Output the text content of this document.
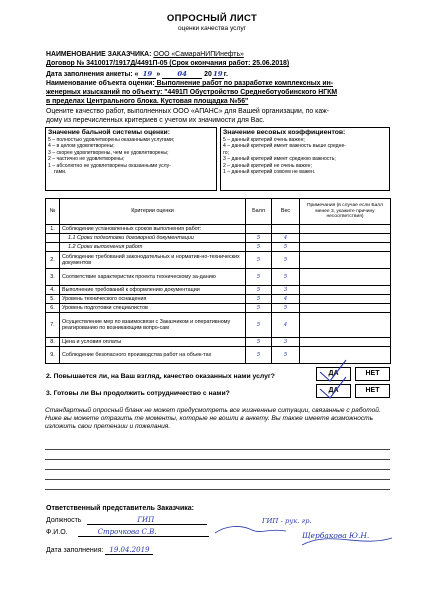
ОПРОСНЫЙ ЛИСТ
оценки качества услуг
НАИМЕНОВАНИЕ ЗАКАЗЧИКА: ООО «СамараНИПИнефть»
Договор № 3410017/1917Д/4491П-05 (Срок окончания работ: 25.06.2018)
Дата заполнения анкеты: « 19 » 04 2019г.
Наименование объекта оценки: Выполнение работ по разработке комплексных ин-
женерных изысканий по объекту: "4491П Обустройство Среднеботуобинского НГКМ
в пределах Центрального блока. Кустовая площадка №56"
Оцените качество работ, выполненных ООО «АПАНС» для Вашей организации, по каж-
дому из перечисленных критериев с учетом их значимости для Вас.
Значение бальной системы оценки:
5 – полностью удовлетворены оказанными услугами;
4 – в целом удовлетворены;
3 – скорее удовлетворены, чем не удовлетворены;
2 – частично не удовлетворены;
1 – абсолютно не удовлетворены оказанными услу-
гами.
Значение весовых коэффициентов:
5 – данный критерий очень важен;
4 – данный критерий имеет важность выше средне-
го;
3 – данный критерий имеет среднюю важность;
2 – данный критерий не очень важен;
1 – данный критерий совсем не важен.
№	Критерии оценки	Балл	Вес	Примечания (в случае если Балл менее 3, укажите причину несоответствия)
1.	Соблюдение установленных сроков выполнения работ:			
	1.1 Сроки подготовки договорной документации	5	4	
	1.2 Сроки выполнения работ	5	5	
2.	Соблюдение требований законодательных и норматив-но-технических документов	5	5	
3.	Соответствие характеристик проекта техническому за-данию	5	5	
4.	Выполнение требований к оформлению документации	5	3	
5.	Уровень технического оснащения	5	4	
6.	Уровень подготовки специалистов	5	5	
7.	Осуществление мер по взаимосвязи с Заказчиком и оперативному реагированию по возникающим вопро-сам	5	4	
8.	Цена и условия оплаты	5	3	
9.	Соблюдение безопасного производства работ на объек-тах	5	5	
2. Повышается ли, на Ваш взгляд, качество оказанных нами услуг?	ДА	НЕТ
3. Готовы ли Вы продолжить сотрудничество с нами?	ДА	НЕТ
Стандартный опросный бланк не может предусмотреть все жизненные ситуации, связанные с работой. Ниже вы можете отразить те моменты, которые не вошли в анкету. Вы также имеете возможность изложить свои претензии и пожелания.
Ответственный представитель Заказчика:
Должность	ГИП
Ф.И.О.	Строчкова С.В.
Дата заполнения: 19.04.2019
ГИП - рук. гр.
Щербакова Ю.Н.
